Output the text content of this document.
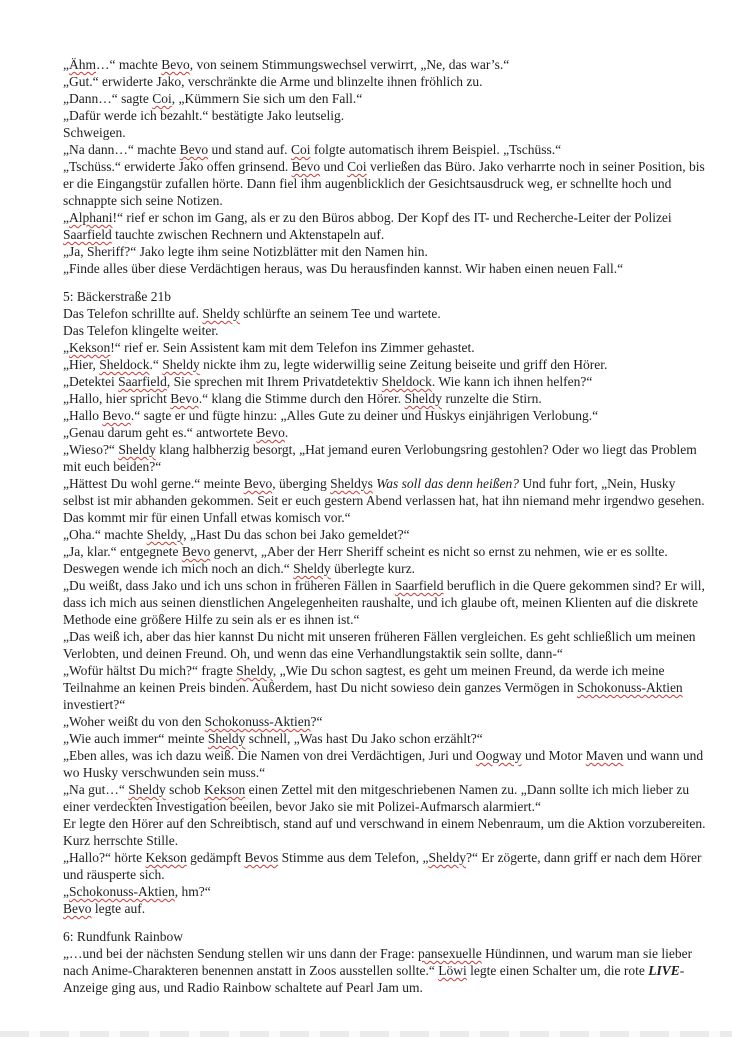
„Ähm…“ machte Bevo, von seinem Stimmungswechsel verwirrt, „Ne, das war’s.“

„Gut.“ erwiderte Jako, verschränkte die Arme und blinzelte ihnen fröhlich zu.

„Dann…“ sagte Coi, „Kümmern Sie sich um den Fall.“

„Dafür werde ich bezahlt.“ bestätigte Jako leutselig.

Schweigen.

„Na dann…“ machte Bevo und stand auf. Coi folgte automatisch ihrem Beispiel. „Tschüss.“

„Tschüss.“ erwiderte Jako offen grinsend. Bevo und Coi verließen das Büro. Jako verharrte noch in seiner Position, bis er die Eingangstür zufallen hörte. Dann fiel ihm augenblicklich der Gesichtsausdruck weg, er schnellte hoch und schnappte sich seine Notizen.

„Alphani!“ rief er schon im Gang, als er zu den Büros abbog. Der Kopf des IT- und Recherche-Leiter der Polizei Saarfield tauchte zwischen Rechnern und Aktenstapeln auf.

„Ja, Sheriff?“ Jako legte ihm seine Notizblätter mit den Namen hin.

„Finde alles über diese Verdächtigen heraus, was Du herausfinden kannst. Wir haben einen neuen Fall.“

5: Bäckerstraße 21b

Das Telefon schrillte auf. Sheldy schlürfte an seinem Tee und wartete.

Das Telefon klingelte weiter.

„Kekson!“ rief er. Sein Assistent kam mit dem Telefon ins Zimmer gehastet.

„Hier, Sheldock.“ Sheldy nickte ihm zu, legte widerwillig seine Zeitung beiseite und griff den Hörer.

„Detektei Saarfield, Sie sprechen mit Ihrem Privatdetektiv Sheldock. Wie kann ich ihnen helfen?“

„Hallo, hier spricht Bevo.“ klang die Stimme durch den Hörer. Sheldy runzelte die Stirn.

„Hallo Bevo.“ sagte er und fügte hinzu: „Alles Gute zu deiner und Huskys einjährigen Verlobung.“

„Genau darum geht es.“ antwortete Bevo.

„Wieso?“ Sheldy klang halbherzig besorgt, „Hat jemand euren Verlobungsring gestohlen? Oder wo liegt das Problem mit euch beiden?“

„Hättest Du wohl gerne.“ meinte Bevo, überging Sheldys Was soll das denn heißen? Und fuhr fort, „Nein, Husky selbst ist mir abhanden gekommen. Seit er euch gestern Abend verlassen hat, hat ihn niemand mehr irgendwo gesehen. Das kommt mir für einen Unfall etwas komisch vor.“

„Oha.“ machte Sheldy, „Hast Du das schon bei Jako gemeldet?“

„Ja, klar.“ entgegnete Bevo genervt, „Aber der Herr Sheriff scheint es nicht so ernst zu nehmen, wie er es sollte. Deswegen wende ich mich noch an dich.“ Sheldy überlegte kurz.

„Du weißt, dass Jako und ich uns schon in früheren Fällen in Saarfield beruflich in die Quere gekommen sind? Er will, dass ich mich aus seinen dienstlichen Angelegenheiten raushalte, und ich glaube oft, meinen Klienten auf die diskrete Methode eine größere Hilfe zu sein als er es ihnen ist.“

„Das weiß ich, aber das hier kannst Du nicht mit unseren früheren Fällen vergleichen. Es geht schließlich um meinen Verlobten, und deinen Freund. Oh, und wenn das eine Verhandlungstaktik sein sollte, dann-“

„Wofür hältst Du mich?“ fragte Sheldy, „Wie Du schon sagtest, es geht um meinen Freund, da werde ich meine Teilnahme an keinen Preis binden. Außerdem, hast Du nicht sowieso dein ganzes Vermögen in Schokonuss-Aktien investiert?“

„Woher weißt du von den Schokonuss-Aktien?“

„Wie auch immer“ meinte Sheldy schnell, „Was hast Du Jako schon erzählt?“

„Eben alles, was ich dazu weiß. Die Namen von drei Verdächtigen, Juri und Oogway und Motor Maven und wann und wo Husky verschwunden sein muss.“

„Na gut…“ Sheldy schob Kekson einen Zettel mit den mitgeschriebenen Namen zu. „Dann sollte ich mich lieber zu einer verdeckten Investigation beeilen, bevor Jako sie mit Polizei-Aufmarsch alarmiert.“

Er legte den Hörer auf den Schreibtisch, stand auf und verschwand in einem Nebenraum, um die Aktion vorzubereiten. Kurz herrschte Stille.

„Hallo?“ hörte Kekson gedämpft Bevos Stimme aus dem Telefon, „Sheldy?“ Er zögerte, dann griff er nach dem Hörer und räusperte sich.

„Schokonuss-Aktien, hm?“

Bevo legte auf.

6: Rundfunk Rainbow

„…und bei der nächsten Sendung stellen wir uns dann der Frage: pansexuelle Hündinnen, und warum man sie lieber nach Anime-Charakteren benennen anstatt in Zoos ausstellen sollte.“ Löwi legte einen Schalter um, die rote LIVE-Anzeige ging aus, und Radio Rainbow schaltete auf Pearl Jam um.
